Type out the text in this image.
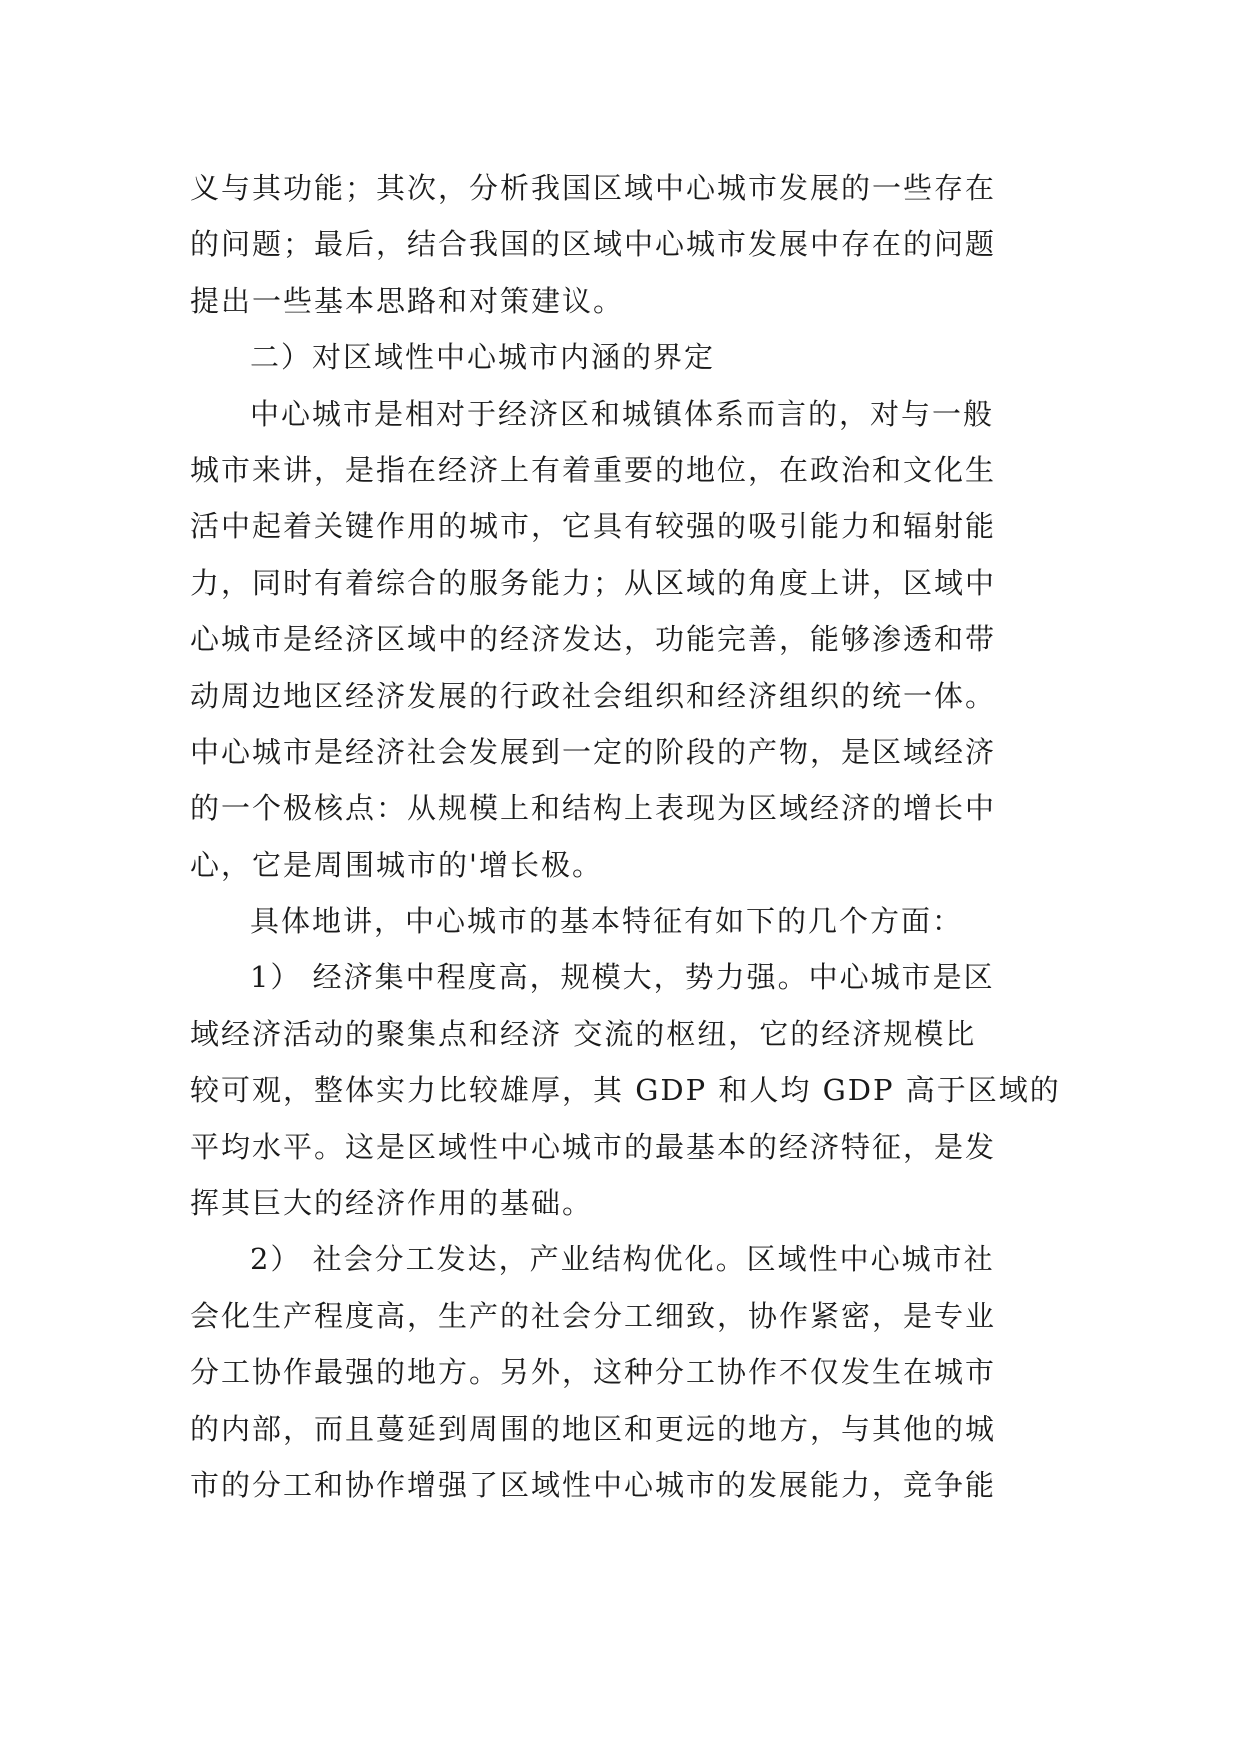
义与其功能；其次，分析我国区域中心城市发展的一些存在
的问题；最后，结合我国的区域中心城市发展中存在的问题
提出一些基本思路和对策建议。
二）对区域性中心城市内涵的界定
中心城市是相对于经济区和城镇体系而言的，对与一般
城市来讲，是指在经济上有着重要的地位，在政治和文化生
活中起着关键作用的城市，它具有较强的吸引能力和辐射能
力，同时有着综合的服务能力；从区域的角度上讲，区域中
心城市是经济区域中的经济发达，功能完善，能够渗透和带
动周边地区经济发展的行政社会组织和经济组织的统一体。
中心城市是经济社会发展到一定的阶段的产物，是区域经济
的一个极核点：从规模上和结构上表现为区域经济的增长中
心，它是周围城市的'增长极。
具体地讲，中心城市的基本特征有如下的几个方面：
1） 经济集中程度高，规模大，势力强。中心城市是区
域经济活动的聚集点和经济 交流的枢纽，它的经济规模比
较可观，整体实力比较雄厚，其 GDP 和人均 GDP 高于区域的
平均水平。这是区域性中心城市的最基本的经济特征，是发
挥其巨大的经济作用的基础。
2） 社会分工发达，产业结构优化。区域性中心城市社
会化生产程度高，生产的社会分工细致，协作紧密，是专业
分工协作最强的地方。另外，这种分工协作不仅发生在城市
的内部，而且蔓延到周围的地区和更远的地方，与其他的城
市的分工和协作增强了区域性中心城市的发展能力，竞争能
